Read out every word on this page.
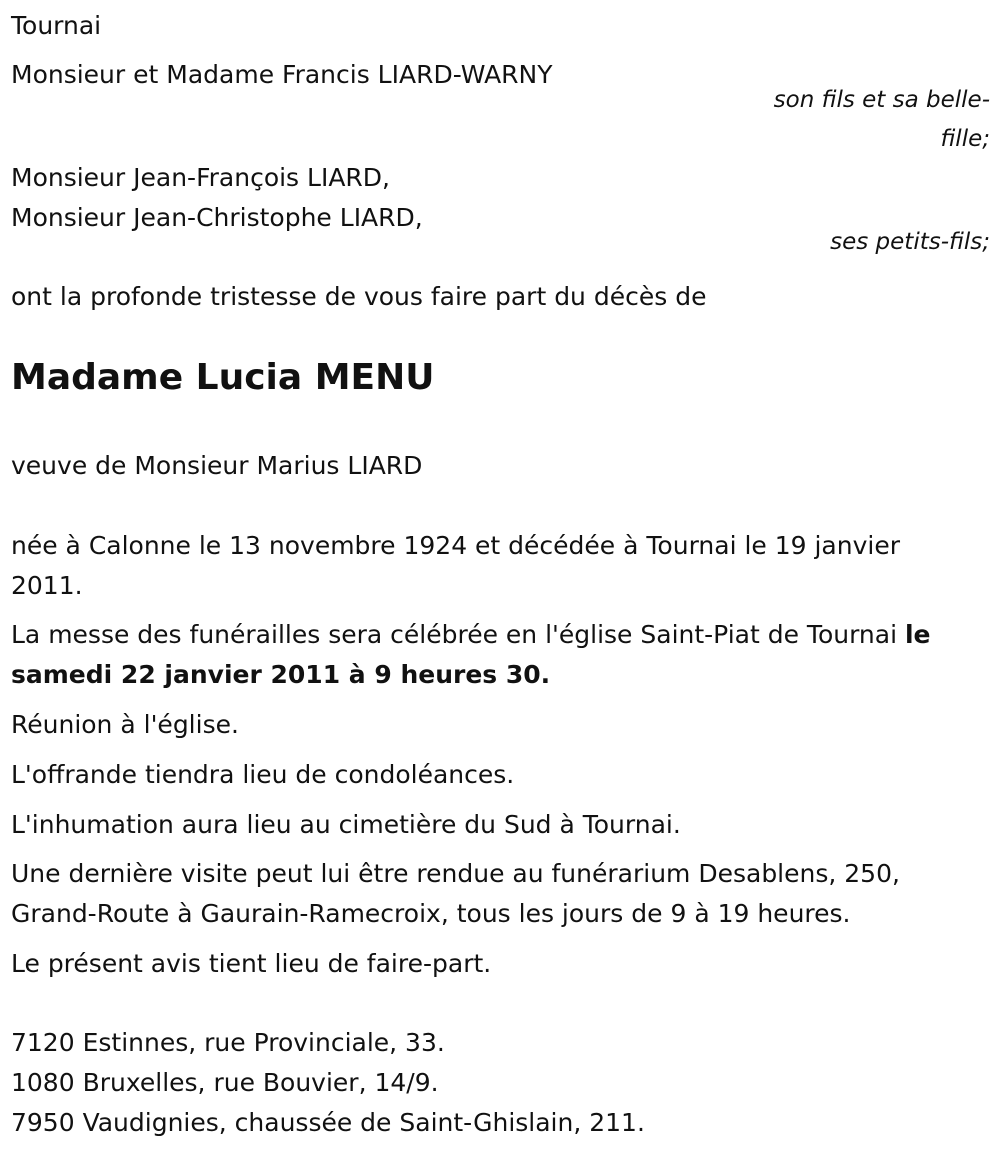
Tournai
Monsieur et Madame Francis LIARD-WARNY
son fils et sa belle-
fille;
Monsieur Jean-François LIARD,
Monsieur Jean-Christophe LIARD,
ses petits-fils;
ont la profonde tristesse de vous faire part du décès de
Madame Lucia MENU
veuve de Monsieur Marius LIARD
née à Calonne le 13 novembre 1924 et décédée à Tournai le 19 janvier 2011.
La messe des funérailles sera célébrée en l'église Saint-Piat de Tournai le samedi 22 janvier 2011 à 9 heures 30.
Réunion à l'église.
L'offrande tiendra lieu de condoléances.
L'inhumation aura lieu au cimetière du Sud à Tournai.
Une dernière visite peut lui être rendue au funérarium Desablens, 250, Grand-Route à Gaurain-Ramecroix, tous les jours de 9 à 19 heures.
Le présent avis tient lieu de faire-part.
7120 Estinnes, rue Provinciale, 33.
1080 Bruxelles, rue Bouvier, 14/9.
7950 Vaudignies, chaussée de Saint-Ghislain, 211.
